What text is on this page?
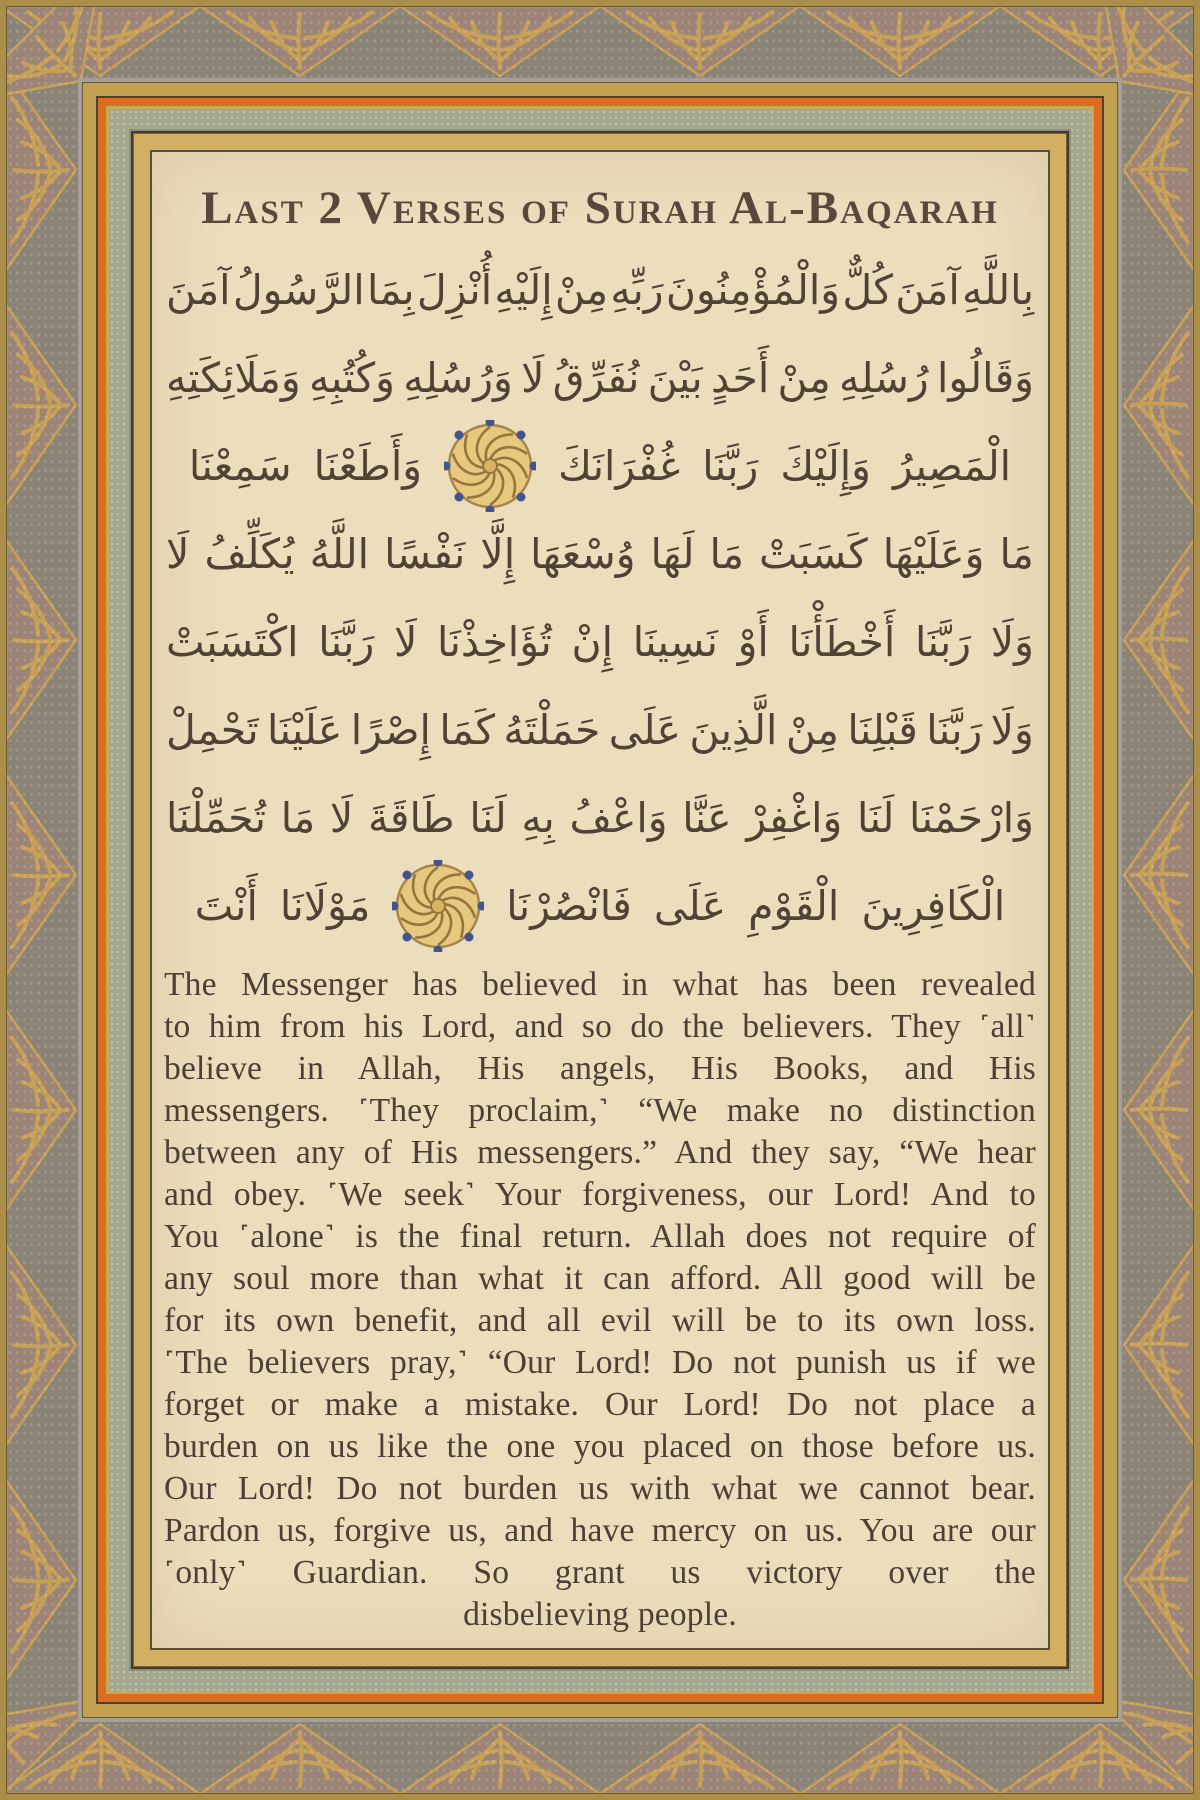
Last 2 Verses of Surah Al-Baqarah
آمَنَ الرَّسُولُ بِمَا أُنْزِلَ إِلَيْهِ مِنْ رَبِّهِ وَالْمُؤْمِنُونَ كُلٌّ آمَنَ بِاللَّهِ
وَمَلَائِكَتِهِ وَكُتُبِهِ وَرُسُلِهِ لَا نُفَرِّقُ بَيْنَ أَحَدٍ مِنْ رُسُلِهِ وَقَالُوا
سَمِعْنَا وَأَطَعْنَا	غُفْرَانَكَ رَبَّنَا وَإِلَيْكَ الْمَصِيرُ
لَا يُكَلِّفُ اللَّهُ نَفْسًا إِلَّا وُسْعَهَا لَهَا مَا كَسَبَتْ وَعَلَيْهَا مَا
اكْتَسَبَتْ رَبَّنَا لَا تُؤَاخِذْنَا إِنْ نَسِينَا أَوْ أَخْطَأْنَا رَبَّنَا وَلَا
تَحْمِلْ عَلَيْنَا إِصْرًا كَمَا حَمَلْتَهُ عَلَى الَّذِينَ مِنْ قَبْلِنَا رَبَّنَا وَلَا
تُحَمِّلْنَا مَا لَا طَاقَةَ لَنَا بِهِ وَاعْفُ عَنَّا وَاغْفِرْ لَنَا وَارْحَمْنَا
أَنْتَ مَوْلَانَا	فَانْصُرْنَا عَلَى الْقَوْمِ الْكَافِرِينَ
The Messenger has believed in what has been revealed
to him from his Lord, and so do the believers. They ˹all˺
believe in Allah, His angels, His Books, and His
messengers. ˹They proclaim,˺ “We make no distinction
between any of His messengers.” And they say, “We hear
and obey. ˹We seek˺ Your forgiveness, our Lord! And to
You ˹alone˺ is the final return. Allah does not require of
any soul more than what it can afford. All good will be
for its own benefit, and all evil will be to its own loss.
˹The believers pray,˺ “Our Lord! Do not punish us if we
forget or make a mistake. Our Lord! Do not place a
burden on us like the one you placed on those before us.
Our Lord! Do not burden us with what we cannot bear.
Pardon us, forgive us, and have mercy on us. You are our
˹only˺ Guardian. So grant us victory over the
disbelieving people.
